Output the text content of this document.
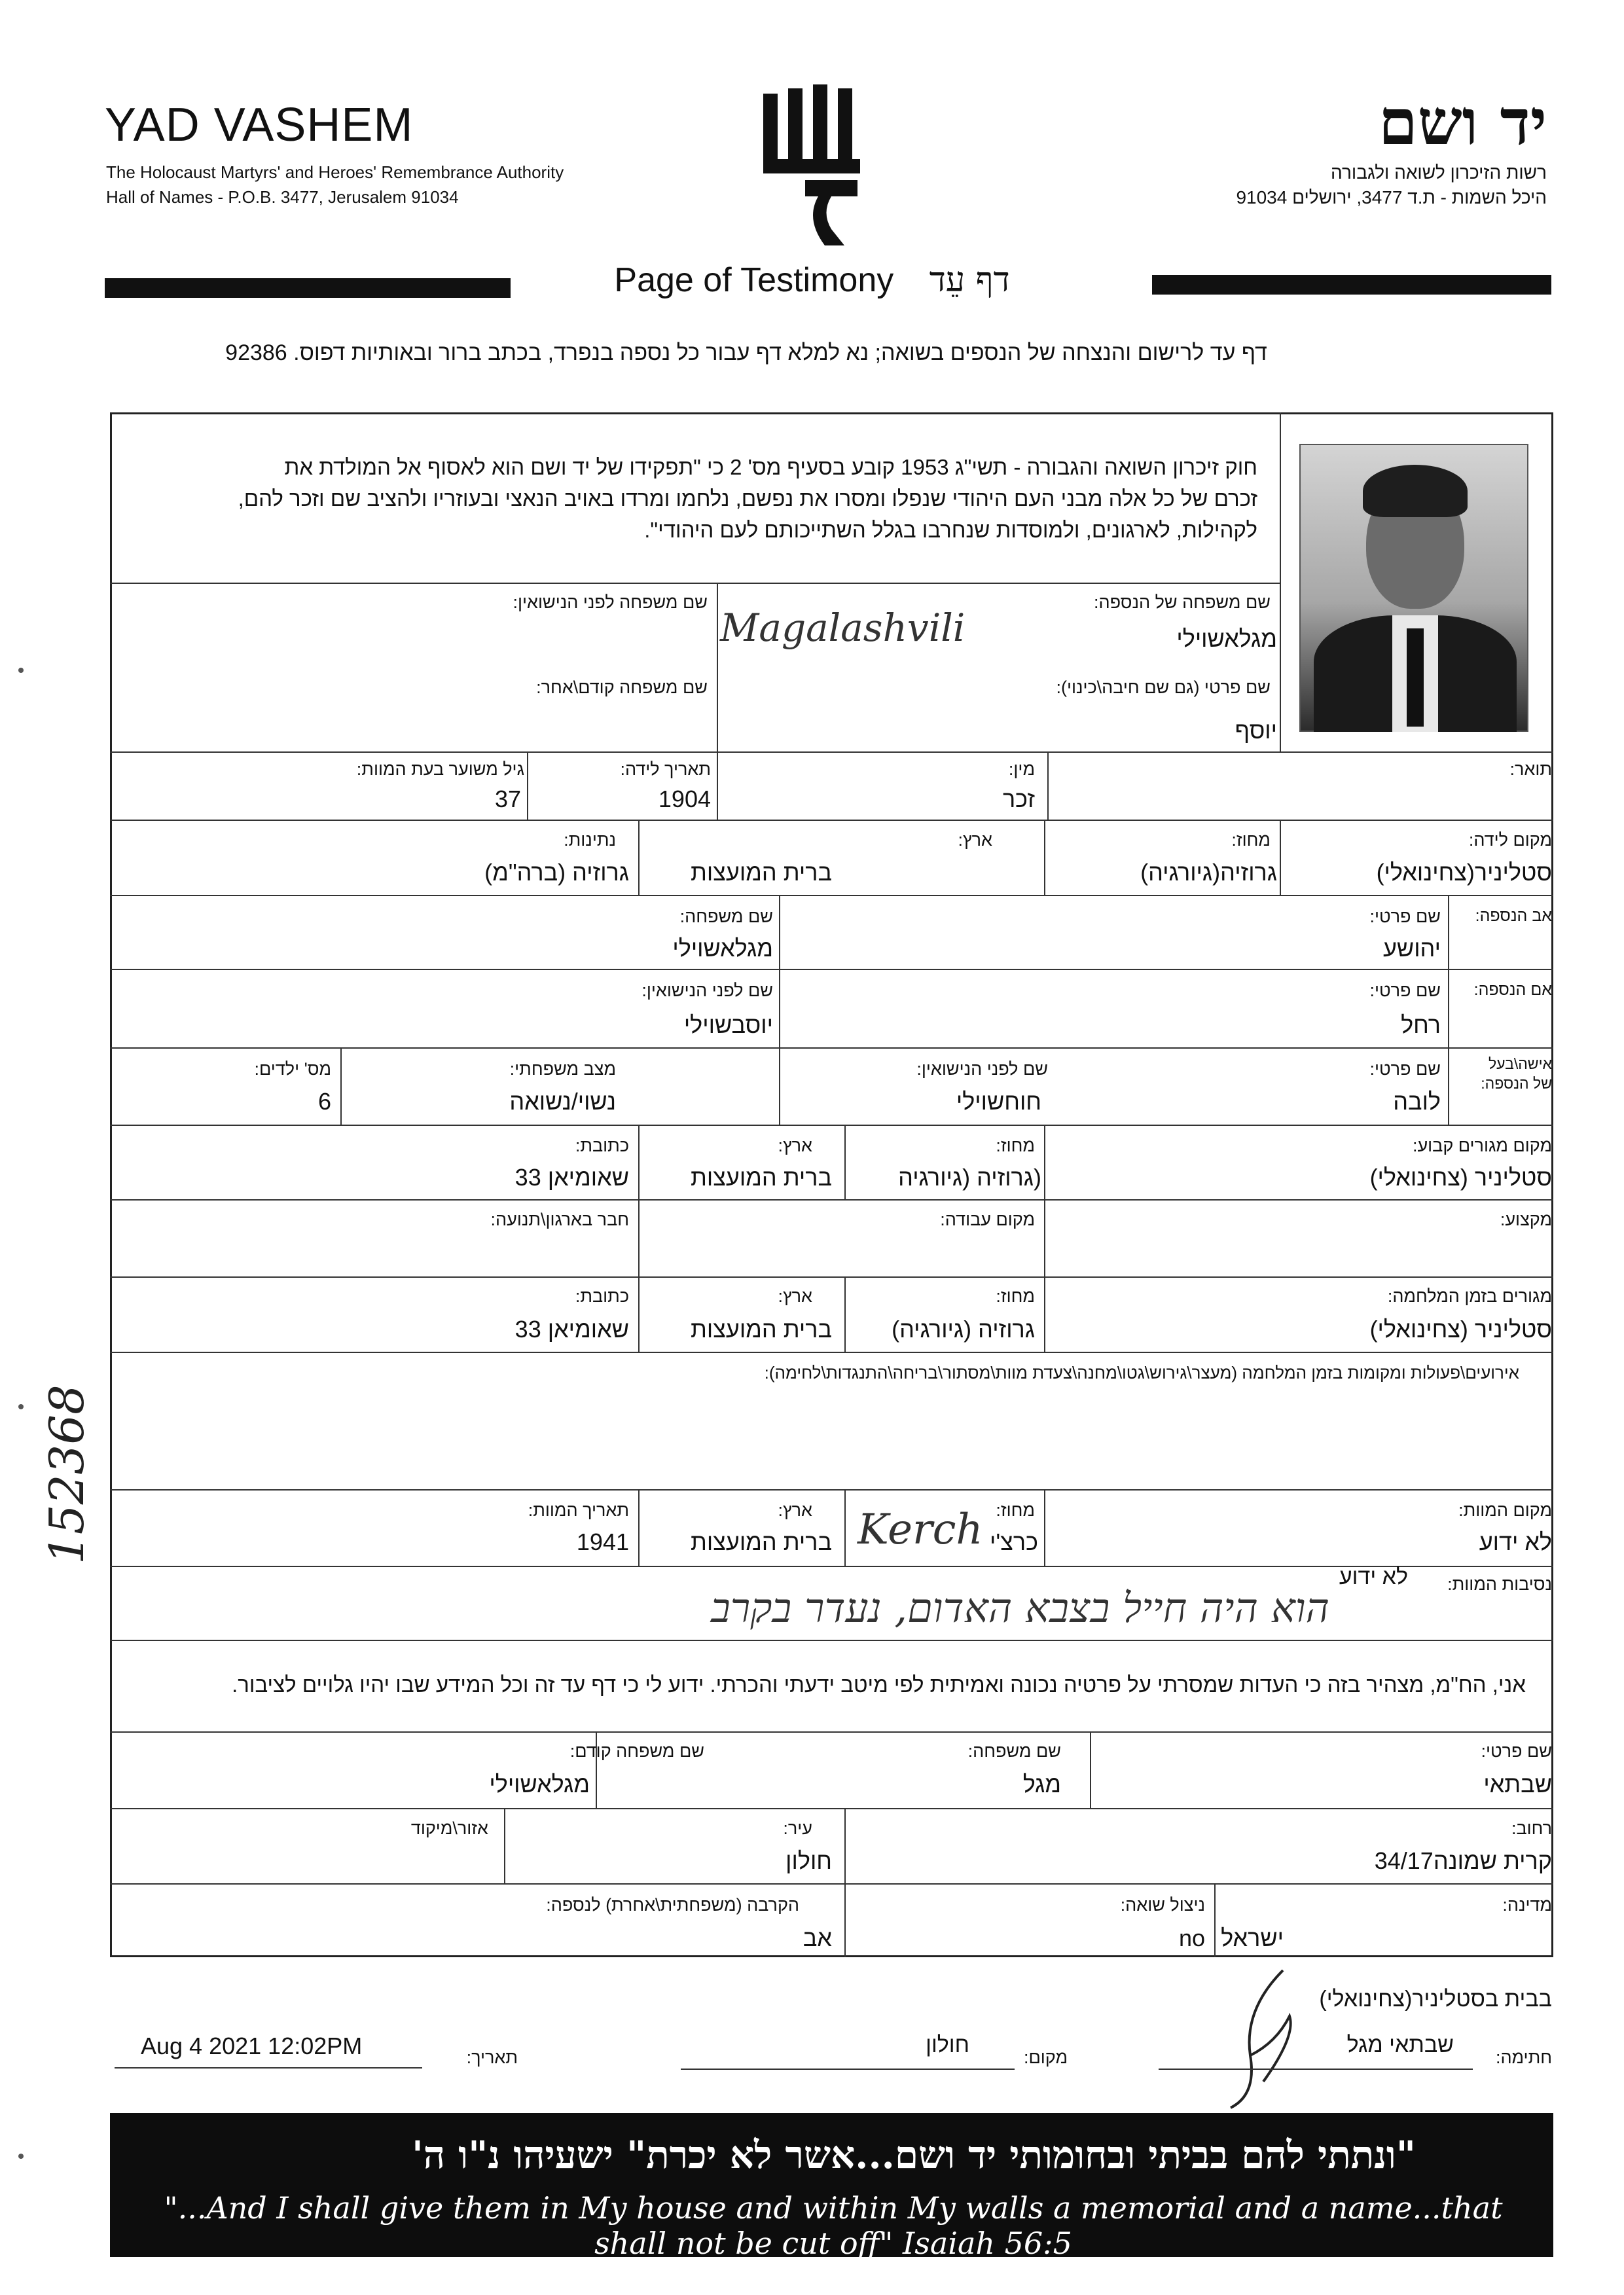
YAD VASHEM
The Holocaust Martyrs' and Heroes' Remembrance Authority
Hall of Names - P.O.B. 3477, Jerusalem 91034
יד ושם
רשות הזיכרון לשואה ולגבורה
היכל השמות - ת.ד 3477, ירושלים 91034
Page of Testimony דף עֵד
דף עד לרישום והנצחה של הנספים בשואה; נא למלא דף עבור כל נספה בנפרד, בכתב ברור ובאותיות דפוס. 92386
חוק זיכרון השואה והגבורה - תשי"ג 1953 קובע בסעיף מס' 2 כי "תפקידו של יד ושם הוא לאסוף אל המולדת את זכרם של כל אלה מבני העם היהודי שנפלו ומסרו את נפשם, נלחמו ומרדו באויב הנאצי ובעוזריו ולהציב שם וזכר להם, לקהילות, לארגונים, ולמוסדות שנחרבו בגלל השתייכותם לעם היהודי".
שם משפחה של הנספה:
מגלאשוילי
Magalashvili
שם משפחה לפני הנישואין:
שם פרטי (גם שם חיבה\כינוי):
יוסף
שם משפחה קודם\אחר:
תואר:
מין:
זכר
תאריך לידה:
1904
גיל משוער בעת המוות:
37
מקום לידה:
סטליניר(צחינואלי)
מחוז:
גרוזיה(גיורגיה)
ארץ:
ברית המועצות
נתינות:
גרוזיה (ברה"מ)
אב הנספה:
שם פרטי:
יהושע
שם משפחה:
מגלאשוילי
אם הנספה:
שם פרטי:
רחל
שם לפני הנישואין:
יוסבשוילי
אישה\בעל
של הנספה:
שם פרטי:
לובה
שם לפני הנישואין:
חוחשוילי
מצב משפחתי:
נשוי/נשואה
מס' ילדים:
6
מקום מגורים קבוע:
סטליניר (צחינואלי)
מחוז:
(גרוזיה (גיורגיה
ארץ:
ברית המועצות
כתובת:
שאומיאן 33
מקצוע:
מקום עבודה:
חבר בארגון\תנועה:
מגורים בזמן המלחמה:
סטליניר (צחינואלי)
מחוז:
גרוזיה (גיורגיה)
ארץ:
ברית המועצות
כתובת:
שאומיאן 33
אירועים\פעולות ומקומות בזמן המלחמה (מעצר\גירוש\גטו\מחנה\צעדת מוות\מסתור\בריחה\התנגדות\לחימה):
מקום המוות:
לא ידוע
מחוז:
כרצ'י
Kerch
ארץ:
ברית המועצות
תאריך המוות:
1941
נסיבות המוות:
לא ידוע
הוא היה חייל בצבא האדום, נעדר בקרב
אני, הח"מ, מצהיר בזה כי העדות שמסרתי על פרטיה נכונה ואמיתית לפי מיטב ידעתי והכרתי. ידוע לי כי דף עד זה וכל המידע שבו יהיו גלויים לציבור.
שם פרטי:
שבתאי
שם משפחה:
מגל
שם משפחה קודם:
מגלאשוילי
רחוב:
קרית שמונה34/17
עיר:
חולון
אזור\מיקוד
מדינה:
ישראל
ניצול שואה:
no
הקרבה (משפחתית\אחרת) לנספה:
אב
בבית בסטליניר(צחינואלי)
חתימה:
שבתאי מגל
מקום:
חולון
תאריך:
Aug 4 2021 12:02PM
"ונתתי להם בביתי ובחומותי יד ושם...אשר לא יכרת" ישעיהו נ"ו ה'
"...And I shall give them in My house and within My walls a memorial and a name...that shall not be cut off" Isaiah 56:5
152368
